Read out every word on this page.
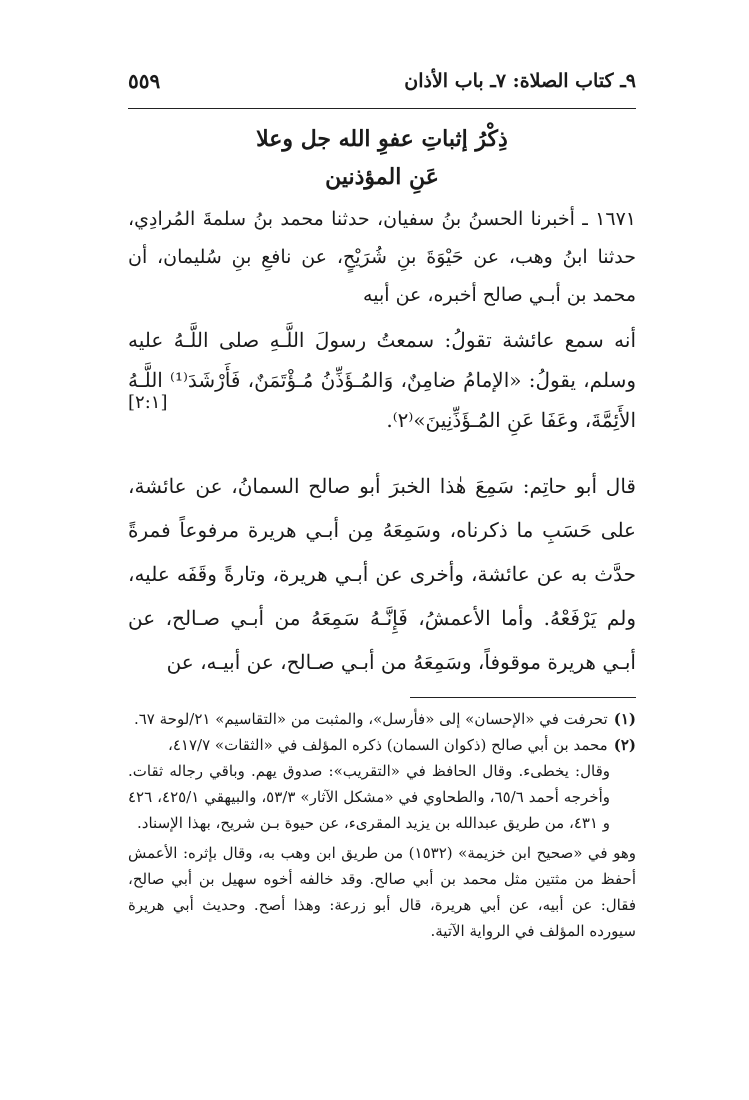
٩ـ كتاب الصلاة: ٧ـ باب الأذان
٥٥٩
ذِكْرُ إثباتِ عفوِ الله جل وعلا
عَنِ المؤذنين
١٦٧١ ـ أخبرنا الحسنُ بنُ سفيان، حدثنا محمد بنُ سلمةَ المُرادِي، حدثنا ابنُ وهب، عن حَيْوَةَ بنِ شُرَيْحٍ، عن نافعِ بنِ سُليمان، أن محمد بن أبـي صالح أخبره، عن أبيه
أنه سمع عائشة تقولُ: سمعتُ رسولَ اللَّـهِ صلى اللَّـهُ عليه وسلم، يقولُ: «الإمامُ ضامِنٌ، وَالمُـؤَذِّنُ مُـؤْتَمَنٌ، فَأَرْشَدَ⁽¹⁾ اللَّـهُ الأَئِمَّةَ، وعَفَا عَنِ المُـؤَذِّنِينَ»⁽٢⁾.
[٢:١]
قال أبو حاتِم: سَمِعَ هٰذا الخبرَ أبو صالح السمانُ، عن عائشة، على حَسَبِ ما ذكرناه، وسَمِعَهُ مِن أبـي هريرة مرفوعاً فمرةً حدَّث به عن عائشة، وأخرى عن أبـي هريرة، وتارةً وقَفَه عليه، ولم يَرْفَعْهُ. وأما الأعمشُ، فَإِنَّـهُ سَمِعَهُ من أبـي صـالح، عن أبـي هريرة موقوفاً، وسَمِعَهُ من أبـي صـالح، عن أبيـه، عن
(١)
تحرفت في «الإحسان» إلى «فأرسل»، والمثبت من «التقاسيم» ٢١/لوحة ٦٧.
(٢)
محمد بن أبي صالح (ذكوان السمان) ذكره المؤلف في «الثقات» ٤١٧/٧،
وقال: يخطىء. وقال الحافظ في «التقريب»: صدوق يهم. وباقي رجاله ثقات. وأخرجه أحمد ٦٥/٦، والطحاوي في «مشكل الآثار» ٥٣/٣، والبيهقي ٤٢٥/١، ٤٢٦ و ٤٣١، من طريق عبدالله بن يزيد المقرىء، عن حيوة بـن شريح، بهذا الإسناد.
وهو في «صحيح ابن خزيمة» (١٥٣٢) من طريق ابن وهب به، وقال بإثره: الأعمش أحفظ من مثتين مثل محمد بن أبي صالح. وقد خالفه أخوه سهيل بن أبي صالح، فقال: عن أبيه، عن أبي هريرة، قال أبو زرعة: وهذا أصح. وحديث أبي هريرة سيورده المؤلف في الرواية الآتية.
